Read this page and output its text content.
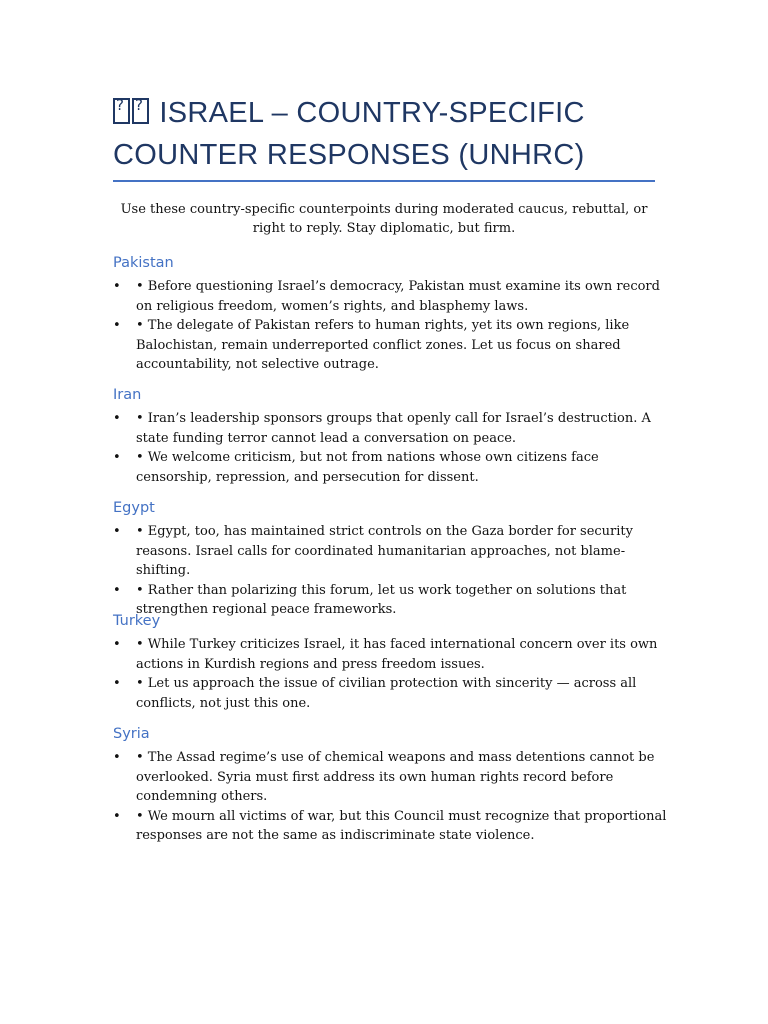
?? ISRAEL – COUNTRY-SPECIFIC
COUNTER RESPONSES (UNHRC)

Use these country-specific counterpoints during moderated caucus, rebuttal, or right to reply. Stay diplomatic, but firm.

Pakistan
• • Before questioning Israel’s democracy, Pakistan must examine its own record on religious freedom, women’s rights, and blasphemy laws.
• • The delegate of Pakistan refers to human rights, yet its own regions, like Balochistan, remain underreported conflict zones. Let us focus on shared accountability, not selective outrage.
Iran
• • Iran’s leadership sponsors groups that openly call for Israel’s destruction. A state funding terror cannot lead a conversation on peace.
• • We welcome criticism, but not from nations whose own citizens face censorship, repression, and persecution for dissent.
Egypt
• • Egypt, too, has maintained strict controls on the Gaza border for security reasons. Israel calls for coordinated humanitarian approaches, not blame-shifting.
• • Rather than polarizing this forum, let us work together on solutions that strengthen regional peace frameworks.
Turkey
• • While Turkey criticizes Israel, it has faced international concern over its own actions in Kurdish regions and press freedom issues.
• • Let us approach the issue of civilian protection with sincerity — across all conflicts, not just this one.
Syria
• • The Assad regime’s use of chemical weapons and mass detentions cannot be overlooked. Syria must first address its own human rights record before condemning others.
• • We mourn all victims of war, but this Council must recognize that proportional responses are not the same as indiscriminate state violence.
